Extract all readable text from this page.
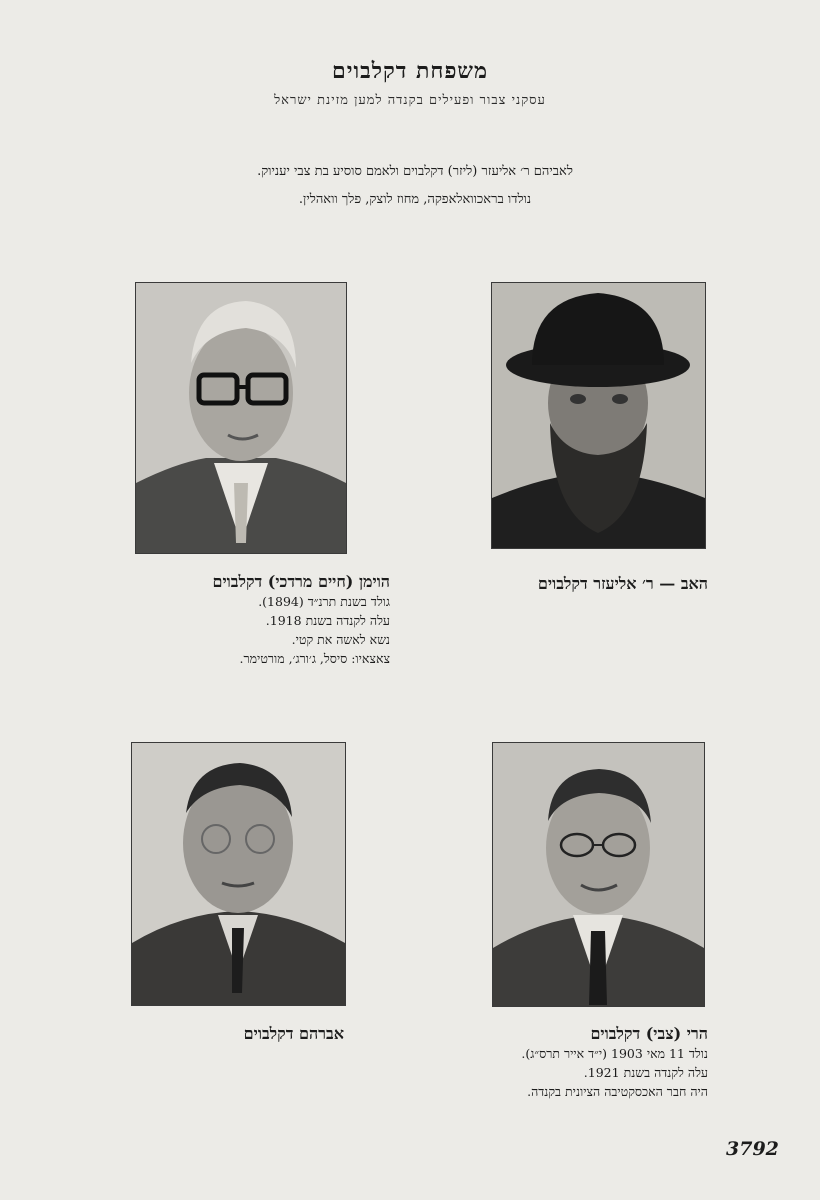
משפחת דקלבוים
עסקני צבור ופעילים בקנדה למען מזינת ישראל
לאביהם ר׳ אליעזר (ליזר) דקלבוים ולאמם סוסיע בת צבי יעניוק.
נולדו בראכוואלאפקה, מחוז לוצק, פלך וואהלין.
הוימן (חיים מרדכי) דקלבוים
גולד בשנת תרנ״ד (1894).
עלה לקנדה בשנת 1918.
נשא לאשה את קטי.
צאצאיו: סיסל, ג׳ורג׳, מורטימר.
האב — ר׳ אליעזר דקלבוים
אברהם דקלבוים	הרי (צבי) דקלבוים
נולד 11 מאי 1903 (י״ד אייר תרס״ג).
עלה לקנדה בשנת 1921.
היה חבר האכסקטיבה הציונית בקנדה.
3792
